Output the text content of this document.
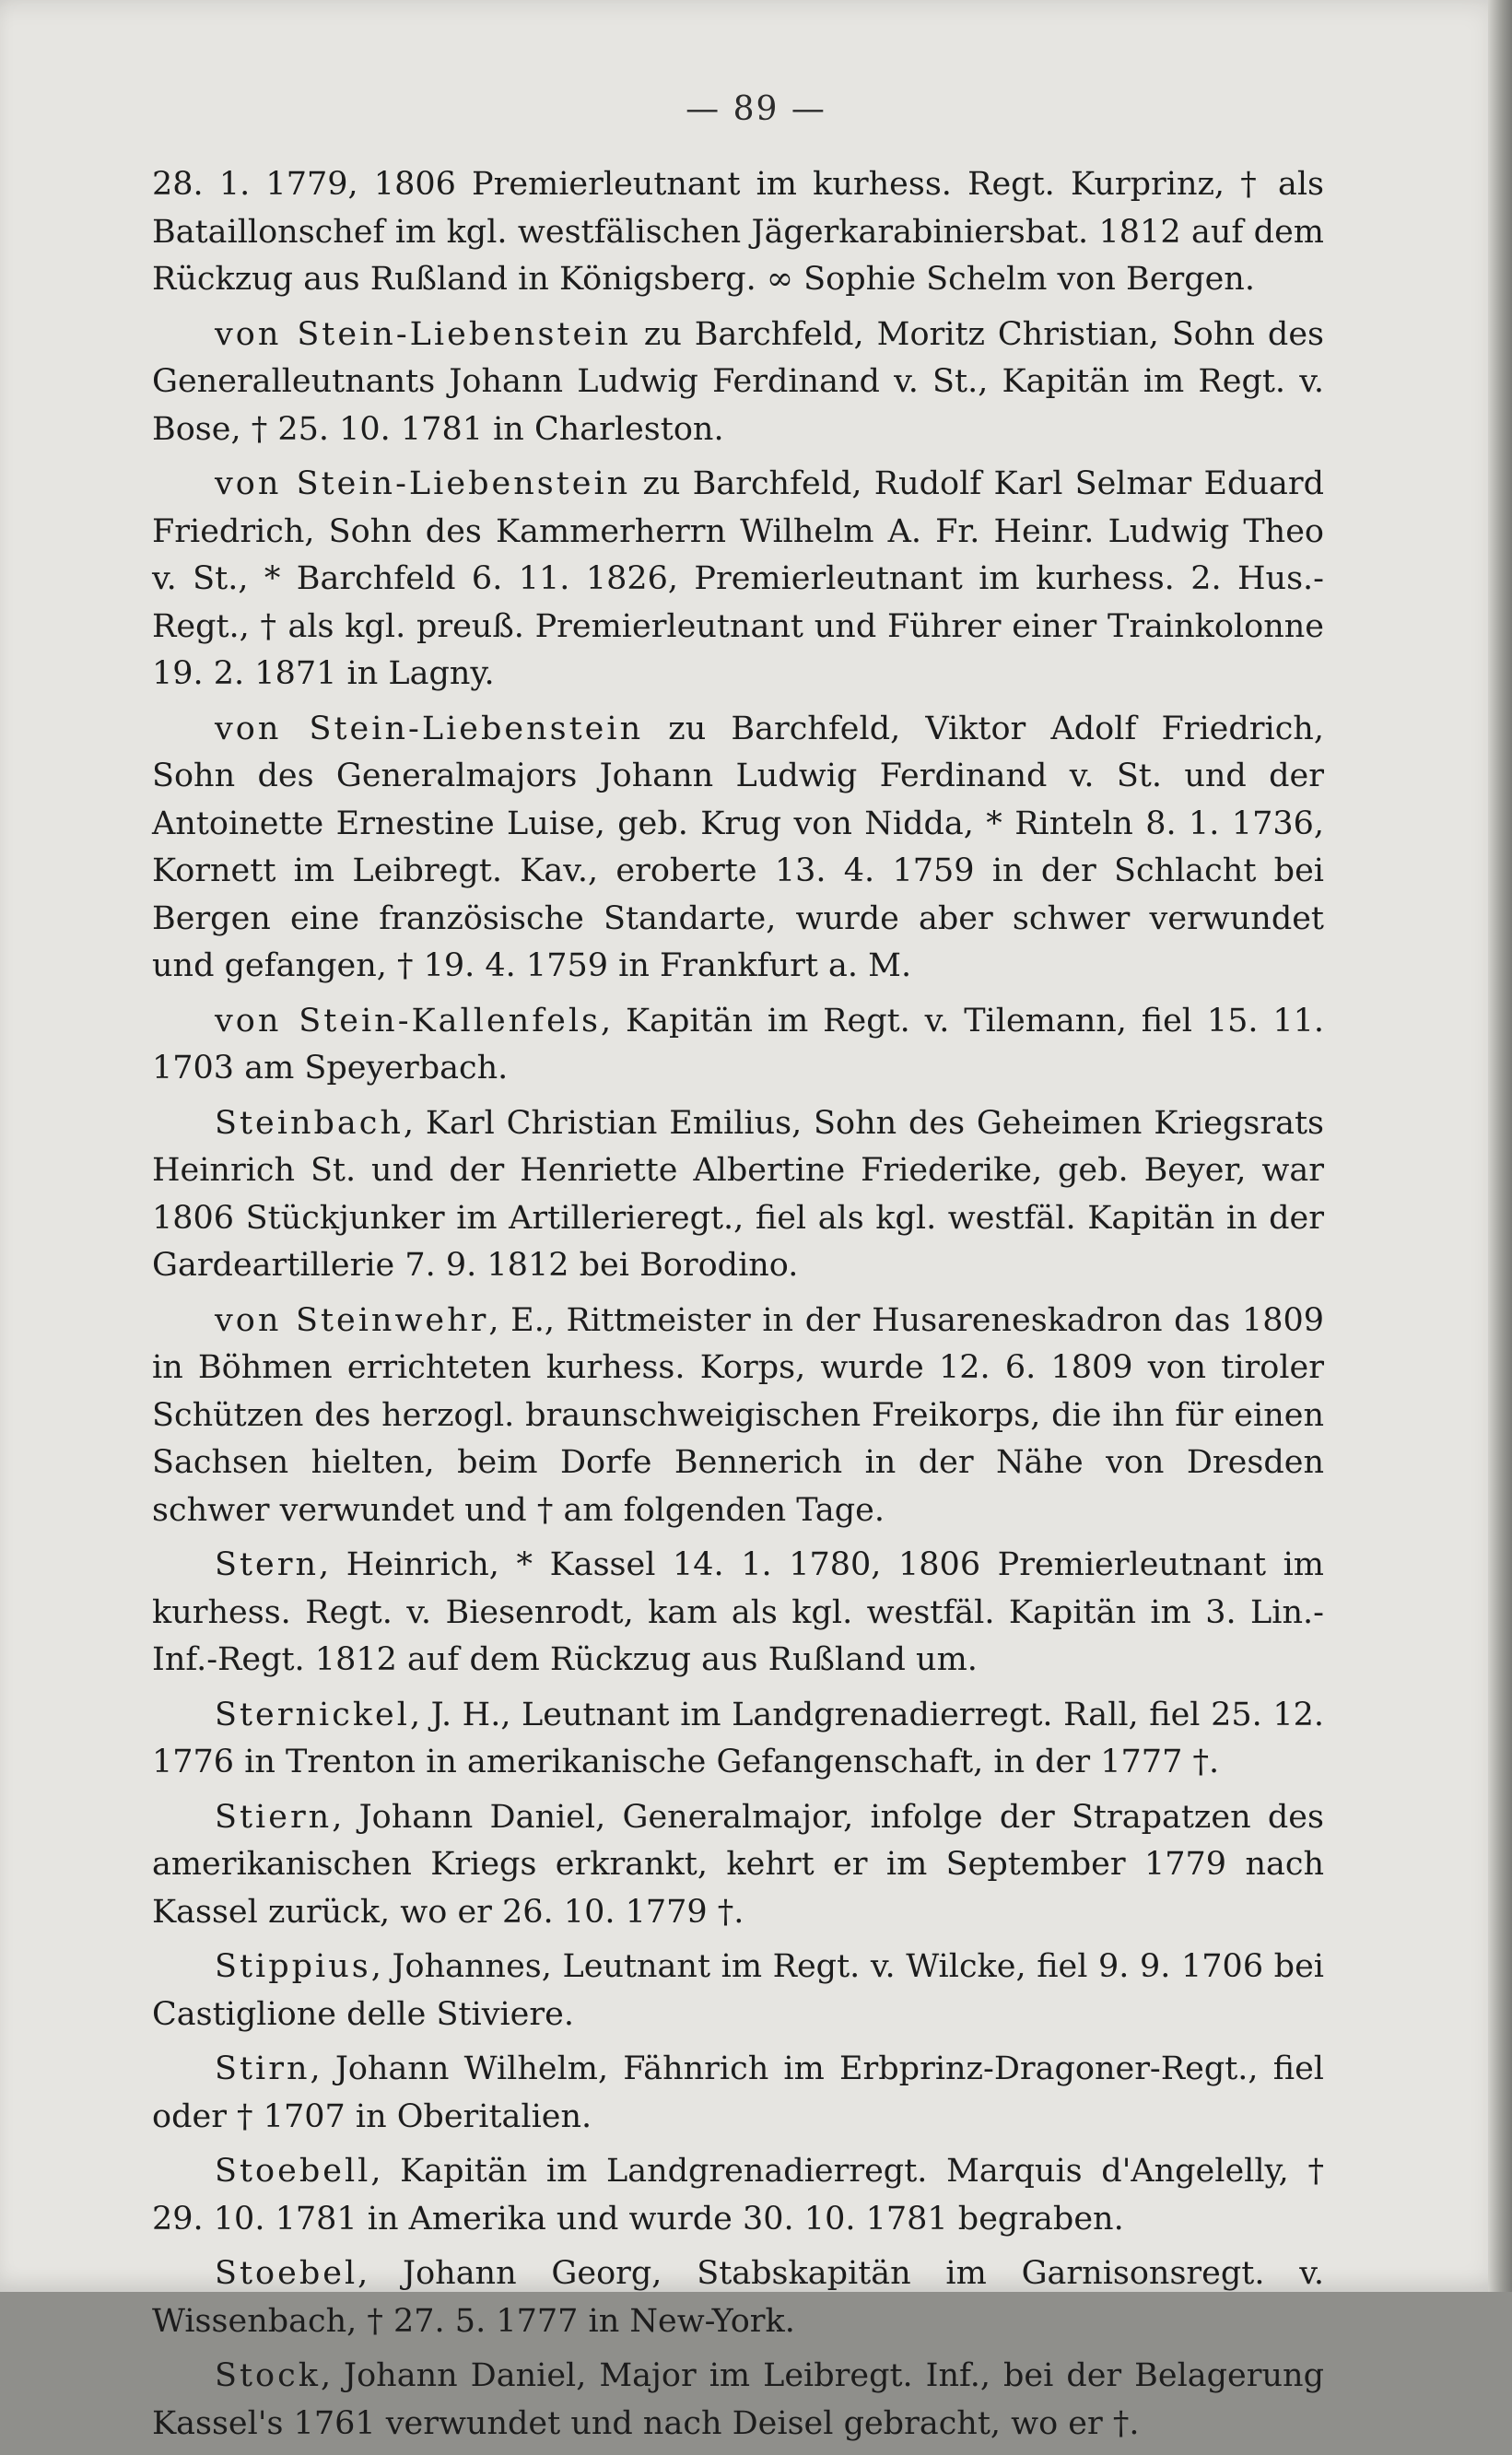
— 89 —

28. 1. 1779, 1806 Premierleutnant im kurhess. Regt. Kurprinz, † als Bataillonschef im kgl. westfälischen Jägerkarabiniersbat. 1812 auf dem Rückzug aus Rußland in Königsberg. ∞ Sophie Schelm von Bergen.

von Stein-Liebenstein zu Barchfeld, Moritz Christian, Sohn des Generalleutnants Johann Ludwig Ferdinand v. St., Kapitän im Regt. v. Bose, † 25. 10. 1781 in Charleston.

von Stein-Liebenstein zu Barchfeld, Rudolf Karl Selmar Eduard Friedrich, Sohn des Kammerherrn Wilhelm A. Fr. Heinr. Ludwig Theo v. St., * Barchfeld 6. 11. 1826, Premierleutnant im kurhess. 2. Hus.-Regt., † als kgl. preuß. Premierleutnant und Führer einer Trainkolonne 19. 2. 1871 in Lagny.

von Stein-Liebenstein zu Barchfeld, Viktor Adolf Friedrich, Sohn des Generalmajors Johann Ludwig Ferdinand v. St. und der Antoinette Ernestine Luise, geb. Krug von Nidda, * Rinteln 8. 1. 1736, Kornett im Leibregt. Kav., eroberte 13. 4. 1759 in der Schlacht bei Bergen eine französische Standarte, wurde aber schwer verwundet und gefangen, † 19. 4. 1759 in Frankfurt a. M.

von Stein-Kallenfels, Kapitän im Regt. v. Tilemann, fiel 15. 11. 1703 am Speyerbach.

Steinbach, Karl Christian Emilius, Sohn des Geheimen Kriegsrats Heinrich St. und der Henriette Albertine Friederike, geb. Beyer, war 1806 Stückjunker im Artillerieregt., fiel als kgl. westfäl. Kapitän in der Gardeartillerie 7. 9. 1812 bei Borodino.

von Steinwehr, E., Rittmeister in der Husareneskadron das 1809 in Böhmen errichteten kurhess. Korps, wurde 12. 6. 1809 von tiroler Schützen des herzogl. braunschweigischen Freikorps, die ihn für einen Sachsen hielten, beim Dorfe Bennerich in der Nähe von Dresden schwer verwundet und † am folgenden Tage.

Stern, Heinrich, * Kassel 14. 1. 1780, 1806 Premierleutnant im kurhess. Regt. v. Biesenrodt, kam als kgl. westfäl. Kapitän im 3. Lin.-Inf.-Regt. 1812 auf dem Rückzug aus Rußland um.

Sternickel, J. H., Leutnant im Landgrenadierregt. Rall, fiel 25. 12. 1776 in Trenton in amerikanische Gefangenschaft, in der 1777 †.

Stiern, Johann Daniel, Generalmajor, infolge der Strapatzen des amerikanischen Kriegs erkrankt, kehrt er im September 1779 nach Kassel zurück, wo er 26. 10. 1779 †.

Stippius, Johannes, Leutnant im Regt. v. Wilcke, fiel 9. 9. 1706 bei Castiglione delle Stiviere.

Stirn, Johann Wilhelm, Fähnrich im Erbprinz-Dragoner-Regt., fiel oder † 1707 in Oberitalien.

Stoebell, Kapitän im Landgrenadierregt. Marquis d'Angelelly, † 29. 10. 1781 in Amerika und wurde 30. 10. 1781 begraben.

Stoebel, Johann Georg, Stabskapitän im Garnisonsregt. v. Wissenbach, † 27. 5. 1777 in New-York.

Stock, Johann Daniel, Major im Leibregt. Inf., bei der Belagerung Kassel's 1761 verwundet und nach Deisel gebracht, wo er †.
